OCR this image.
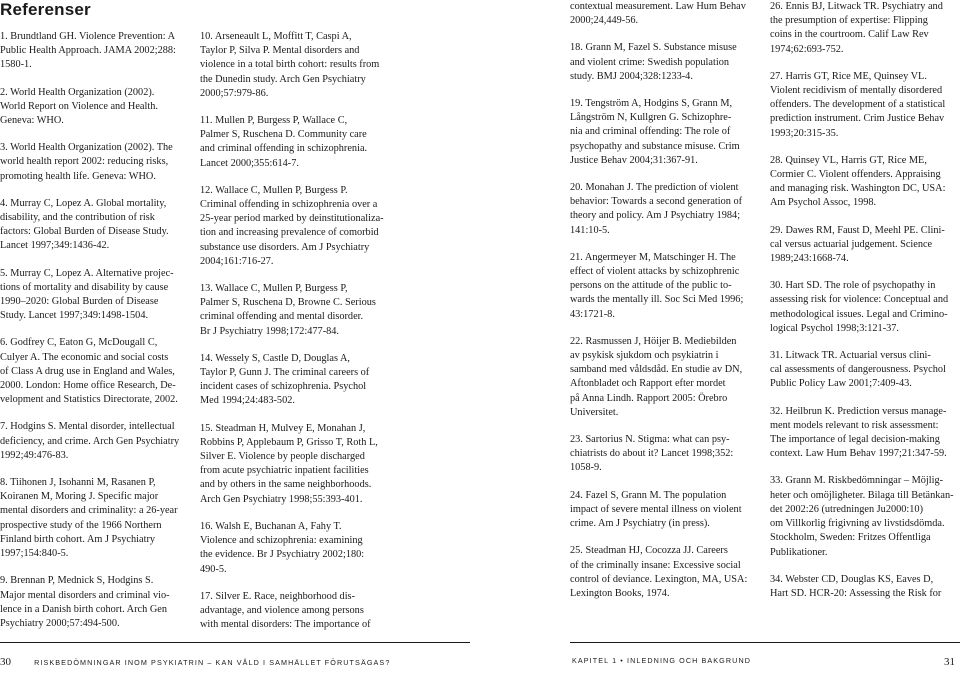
Referenser
1. Brundtland GH. Violence Prevention: A
Public Health Approach. JAMA 2002;288:
1580-1.
2. World Health Organization (2002).
World Report on Violence and Health.
Geneva: WHO.
3. World Health Organization (2002). The
world health report 2002: reducing risks,
promoting health life. Geneva: WHO.
4. Murray C, Lopez A. Global mortality,
disability, and the contribution of risk
factors: Global Burden of Disease Study.
Lancet 1997;349:1436-42.
5. Murray C, Lopez A. Alternative projec-
tions of mortality and disability by cause
1990–2020: Global Burden of Disease
Study. Lancet 1997;349:1498-1504.
6. Godfrey C, Eaton G, McDougall C,
Culyer A. The economic and social costs
of Class A drug use in England and Wales,
2000. London: Home office Research, De-
velopment and Statistics Directorate, 2002.
7. Hodgins S. Mental disorder, intellectual
deficiency, and crime. Arch Gen Psychiatry
1992;49:476-83.
8. Tiihonen J, Isohanni M, Rasanen P,
Koiranen M, Moring J. Specific major
mental disorders and criminality: a 26-year
prospective study of the 1966 Northern
Finland birth cohort. Am J Psychiatry
1997;154:840-5.
9. Brennan P, Mednick S, Hodgins S.
Major mental disorders and criminal vio-
lence in a Danish birth cohort. Arch Gen
Psychiatry 2000;57:494-500.
10. Arseneault L, Moffitt T, Caspi A,
Taylor P, Silva P. Mental disorders and
violence in a total birth cohort: results from
the Dunedin study. Arch Gen Psychiatry
2000;57:979-86.
11. Mullen P, Burgess P, Wallace C,
Palmer S, Ruschena D. Community care
and criminal offending in schizophrenia.
Lancet 2000;355:614-7.
12. Wallace C, Mullen P, Burgess P.
Criminal offending in schizophrenia over a
25-year period marked by deinstitutionaliza-
tion and increasing prevalence of comorbid
substance use disorders. Am J Psychiatry
2004;161:716-27.
13. Wallace C, Mullen P, Burgess P,
Palmer S, Ruschena D, Browne C. Serious
criminal offending and mental disorder.
Br J Psychiatry 1998;172:477-84.
14. Wessely S, Castle D, Douglas A,
Taylor P, Gunn J. The criminal careers of
incident cases of schizophrenia. Psychol
Med 1994;24:483-502.
15. Steadman H, Mulvey E, Monahan J,
Robbins P, Applebaum P, Grisso T, Roth L,
Silver E. Violence by people discharged
from acute psychiatric inpatient facilities
and by others in the same neighborhoods.
Arch Gen Psychiatry 1998;55:393-401.
16. Walsh E, Buchanan A, Fahy T.
Violence and schizophrenia: examining
the evidence. Br J Psychiatry 2002;180:
490-5.
17. Silver E. Race, neighborhood dis-
advantage, and violence among persons
with mental disorders: The importance of
contextual measurement. Law Hum Behav
2000;24,449-56.
18. Grann M, Fazel S. Substance misuse
and violent crime: Swedish population
study. BMJ 2004;328:1233-4.
19. Tengström A, Hodgins S, Grann M,
Långström N, Kullgren G. Schizophre-
nia and criminal offending: The role of
psychopathy and substance misuse. Crim
Justice Behav 2004;31:367-91.
20. Monahan J. The prediction of violent
behavior: Towards a second generation of
theory and policy. Am J Psychiatry 1984;
141:10-5.
21. Angermeyer M, Matschinger H. The
effect of violent attacks by schizophrenic
persons on the attitude of the public to-
wards the mentally ill. Soc Sci Med 1996;
43:1721-8.
22. Rasmussen J, Höijer B. Mediebilden
av psykisk sjukdom och psykiatrin i
samband med våldsdåd. En studie av DN,
Aftonbladet och Rapport efter mordet
på Anna Lindh. Rapport 2005: Örebro
Universitet.
23. Sartorius N. Stigma: what can psy-
chiatrists do about it? Lancet 1998;352:
1058-9.
24. Fazel S, Grann M. The population
impact of severe mental illness on violent
crime. Am J Psychiatry (in press).
25. Steadman HJ, Cocozza JJ. Careers
of the criminally insane: Excessive social
control of deviance. Lexington, MA, USA:
Lexington Books, 1974.
26. Ennis BJ, Litwack TR. Psychiatry and
the presumption of expertise: Flipping
coins in the courtroom. Calif Law Rev
1974;62:693-752.
27. Harris GT, Rice ME, Quinsey VL.
Violent recidivism of mentally disordered
offenders. The development of a statistical
prediction instrument. Crim Justice Behav
1993;20:315-35.
28. Quinsey VL, Harris GT, Rice ME,
Cormier C. Violent offenders. Appraising
and managing risk. Washington DC, USA:
Am Psychol Assoc, 1998.
29. Dawes RM, Faust D, Meehl PE. Clini-
cal versus actuarial judgement. Science
1989;243:1668-74.
30. Hart SD. The role of psychopathy in
assessing risk for violence: Conceptual and
methodological issues. Legal and Crimino-
logical Psychol 1998;3:121-37.
31. Litwack TR. Actuarial versus clini-
cal assessments of dangerousness. Psychol
Public Policy Law 2001;7:409-43.
32. Heilbrun K. Prediction versus manage-
ment models relevant to risk assessment:
The importance of legal decision-making
context. Law Hum Behav 1997;21:347-59.
33. Grann M. Riskbedömningar – Möjlig-
heter och omöjligheter. Bilaga till Betänkan-
det 2002:26 (utredningen Ju2000:10)
om Villkorlig frigivning av livstidsdömda.
Stockholm, Sweden: Fritzes Offentliga
Publikationer.
34. Webster CD, Douglas KS, Eaves D,
Hart SD. HCR-20: Assessing the Risk for
30	RISKBEDÖMNINGAR INOM PSYKIATRIN – KAN VÅLD I SAMHÄLLET FÖRUTSÄGAS?	KAPITEL 1 • INLEDNING OCH BAKGRUND	31
